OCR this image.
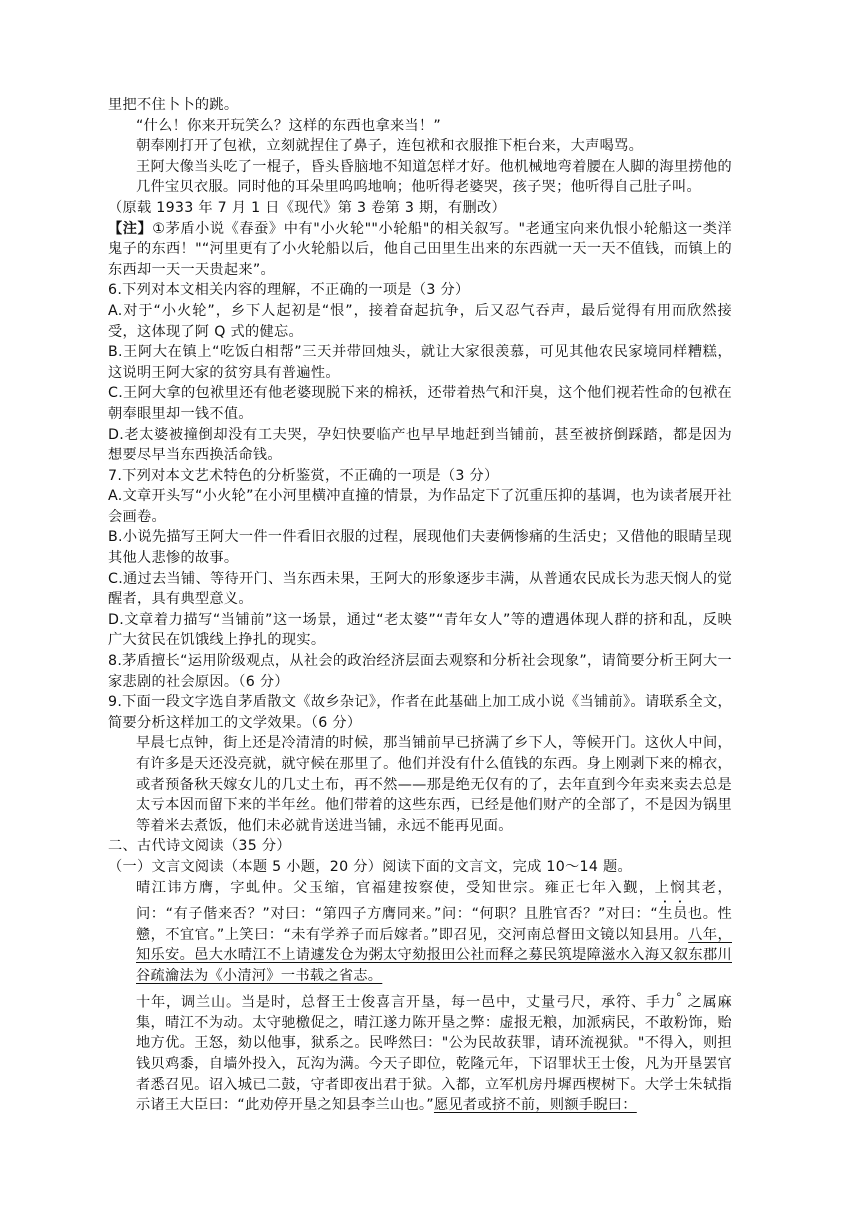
里把不住卜卜的跳。

“什么！你来开玩笑么？这样的东西也拿来当！”

朝奉刚打开了包袱，立刻就捏住了鼻子，连包袱和衣服推下柜台来，大声喝骂。

王阿大像当头吃了一棍子，昏头昏脑地不知道怎样才好。他机械地弯着腰在人脚的海里捞他的几件宝贝衣服。同时他的耳朵里呜呜地响；他听得老婆哭，孩子哭；他听得自己肚子叫。

（原载 1933 年 7 月 1 日《现代》第 3 卷第 3 期，有删改）

【注】①茅盾小说《春蚕》中有"小火轮""小轮船"的相关叙写。"老通宝向来仇恨小轮船这一类洋鬼子的东西！"“河里更有了小火轮船以后，他自己田里生出来的东西就一天一天不值钱，而镇上的东西却一天一天贵起来”。

6.下列对本文相关内容的理解，不正确的一项是（3 分）

A.对于“小火轮”，乡下人起初是“恨”，接着奋起抗争，后又忍气吞声，最后觉得有用而欣然接受，这体现了阿 Q 式的健忘。

B.王阿大在镇上“吃饭白相帮”三天并带回烛头，就让大家很羡慕，可见其他农民家境同样糟糕，这说明王阿大家的贫穷具有普遍性。

C.王阿大拿的包袱里还有他老婆现脱下来的棉袄，还带着热气和汗臭，这个他们视若性命的包袱在朝奉眼里却一钱不值。

D.老太婆被撞倒却没有工夫哭，孕妇快要临产也早早地赶到当铺前，甚至被挤倒踩踏，都是因为想要尽早当东西换活命钱。

7.下列对本文艺术特色的分析鉴赏，不正确的一项是（3 分）

A.文章开头写“小火轮”在小河里横冲直撞的情景，为作品定下了沉重压抑的基调，也为读者展开社会画卷。

B.小说先描写王阿大一件一件看旧衣服的过程，展现他们夫妻俩惨痛的生活史；又借他的眼睛呈现其他人悲惨的故事。

C.通过去当铺、等待开门、当东西未果，王阿大的形象逐步丰满，从普通农民成长为悲天悯人的觉醒者，具有典型意义。

D.文章着力描写“当铺前”这一场景，通过“老太婆”“青年女人”等的遭遇体现人群的挤和乱，反映广大贫民在饥饿线上挣扎的现实。

8.茅盾擅长“运用阶级观点，从社会的政治经济层面去观察和分析社会现象”，请简要分析王阿大一家悲剧的社会原因。（6 分）

9.下面一段文字选自茅盾散文《故乡杂记》，作者在此基础上加工成小说《当铺前》。请联系全文，简要分析这样加工的文学效果。（6 分）

早晨七点钟，街上还是冷清清的时候，那当铺前早已挤满了乡下人，等候开门。这伙人中间，有许多是天还没亮就，就守候在那里了。他们并没有什么值钱的东西。身上刚剥下来的棉衣，或者预备秋天嫁女儿的几丈土布，再不然——那是绝无仅有的了，去年直到今年卖来卖去总是太亏本因而留下来的半年丝。他们带着的这些东西，已经是他们财产的全部了，不是因为锅里等着米去煮饭，他们未必就肯送进当铺，永远不能再见面。

二、古代诗文阅读（35 分）

（一）文言文阅读（本题 5 小题，20 分）阅读下面的文言文，完成 10～14 题。

晴江讳方膺，字虬仲。父玉缩，官福建按察使，受知世宗。雍正七年入觐，上悯其老，问：“有子偕来否？”对曰：“第四子方膺同来。”问：“何职？且胜官否？”对曰：“生员也。性戆，不宜官。”上笑曰：“未有学养子而后嫁者。”即召见，交河南总督田文镜以知县用。八年，知乐安。邑大水晴江不上请遽发仓为粥太守劾报田公社而释之募民筑堤障滋水入海又叙东郡川谷疏瀹法为《小清河》一书载之省志。

十年，调兰山。当是时，总督王士俊喜言开垦，每一邑中，丈量弓尺，承符、手力° 之属麻集，晴江不为动。太守驰檄促之，晴江遂力陈开垦之弊：虚报无粮，加派病民，不敢粉饰，贻地方优。王怒，劾以他事，狱系之。民哗然曰："公为民故获罪，请环流视狱。"不得入，则担钱贝鸡黍，自墙外投入，瓦沟为满。今天子即位，乾隆元年，下诏罪状王士俊，凡为开垦罢官者悉召见。诏入城已二鼓，守者即夜出君于狱。入都，立军机房丹墀西楔树下。大学士朱轼指示诸王大臣曰：“此劝停开垦之知县李兰山也。”愿见者或挤不前，则额手睨曰：
